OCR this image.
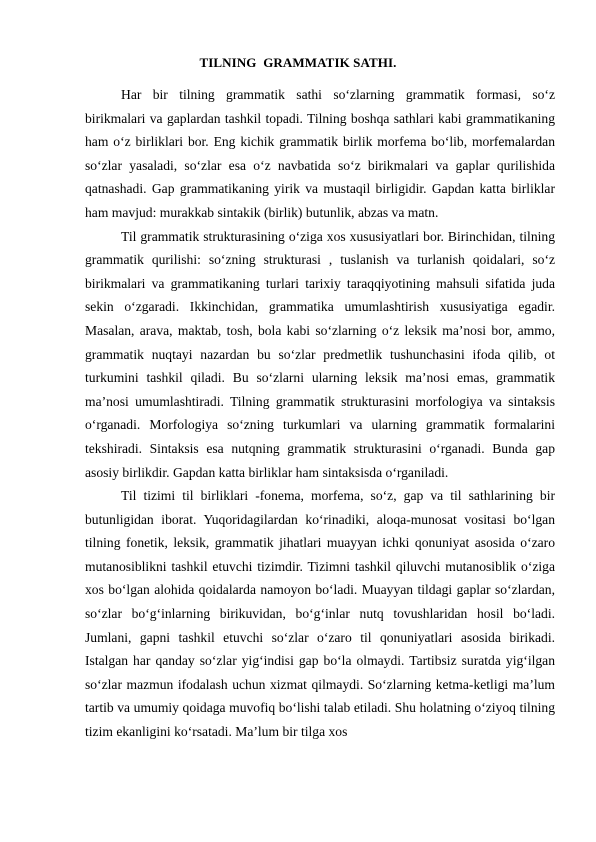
TILNING  GRAMMATIK SATHI.

Har bir tilning grammatik sathi so‘zlarning grammatik formasi, so‘z birikmalari va gaplardan tashkil topadi. Tilning boshqa sathlari kabi grammatikaning ham o‘z birliklari bor. Eng kichik grammatik birlik morfema bo‘lib, morfemalardan so‘zlar yasaladi, so‘zlar esa o‘z navbatida so‘z birikmalari va gaplar qurilishida qatnashadi. Gap grammatikaning yirik va mustaqil birligidir. Gapdan katta birliklar ham mavjud: murakkab sintakik (birlik) butunlik, abzas va matn.

Til grammatik strukturasining o‘ziga xos xususiyatlari bor. Birinchidan, tilning grammatik qurilishi: so‘zning strukturasi , tuslanish va turlanish qoidalari, so‘z birikmalari va grammatikaning turlari tarixiy taraqqiyotining mahsuli sifatida juda sekin o‘zgaradi. Ikkinchidan, grammatika umumlashtirish xususiyatiga egadir. Masalan, arava, maktab, tosh, bola kabi so‘zlarning o‘z leksik ma’nosi bor, ammo, grammatik nuqtayi nazardan bu so‘zlar predmetlik tushunchasini ifoda qilib, ot turkumini tashkil qiladi. Bu so‘zlarni ularning leksik ma’nosi emas, grammatik ma’nosi umumlashtiradi. Tilning grammatik strukturasini morfologiya va sintaksis o‘rganadi. Morfologiya so‘zning turkumlari va ularning grammatik formalarini tekshiradi. Sintaksis esa nutqning grammatik strukturasini o‘rganadi. Bunda gap asosiy birlikdir. Gapdan katta birliklar ham sintaksisda o‘rganiladi.

Til tizimi til birliklari -fonema, morfema, so‘z, gap va til sathlarining bir butunligidan iborat. Yuqoridagilardan ko‘rinadiki, aloqa-munosat vositasi bo‘lgan tilning fonetik, leksik, grammatik jihatlari muayyan ichki qonuniyat asosida o‘zaro mutanosiblikni tashkil etuvchi tizimdir. Tizimni tashkil qiluvchi mutanosiblik o‘ziga xos bo‘lgan alohida qoidalarda namoyon bo‘ladi. Muayyan tildagi gaplar so‘zlardan, so‘zlar bo‘g‘inlarning birikuvidan, bo‘g‘inlar nutq tovushlaridan hosil bo‘ladi. Jumlani, gapni tashkil etuvchi so‘zlar o‘zaro til qonuniyatlari asosida birikadi. Istalgan har qanday so‘zlar yig‘indisi gap bo‘la olmaydi. Tartibsiz suratda yig‘ilgan so‘zlar mazmun ifodalash uchun xizmat qilmaydi. So‘zlarning ketma-ketligi ma’lum tartib va umumiy qoidaga muvofiq bo‘lishi talab etiladi. Shu holatning o‘ziyoq tilning tizim ekanligini ko‘rsatadi. Ma’lum bir tilga xos
